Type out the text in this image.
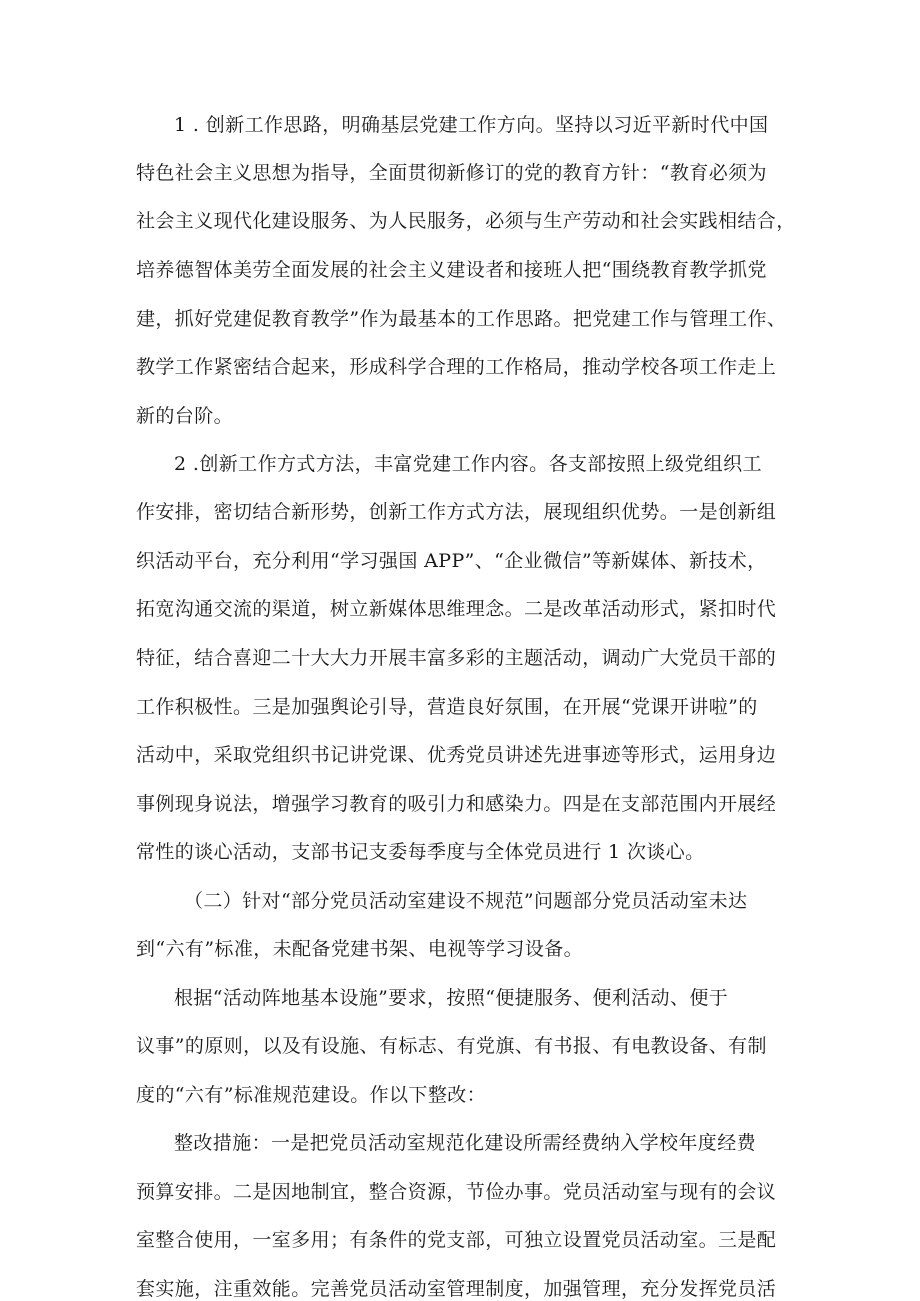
1 . 创新工作思路，明确基层党建工作方向。坚持以习近平新时代中国
特色社会主义思想为指导，全面贯彻新修订的党的教育方针：“教育必须为
社会主义现代化建设服务、为人民服务，必须与生产劳动和社会实践相结合，
培养德智体美劳全面发展的社会主义建设者和接班人把“围绕教育教学抓党
建，抓好党建促教育教学”作为最基本的工作思路。把党建工作与管理工作、
教学工作紧密结合起来，形成科学合理的工作格局，推动学校各项工作走上
新的台阶。
2 .创新工作方式方法，丰富党建工作内容。各支部按照上级党组织工
作安排，密切结合新形势，创新工作方式方法，展现组织优势。一是创新组
织活动平台，充分利用“学习强国 APP”、“企业微信”等新媒体、新技术，
拓宽沟通交流的渠道，树立新媒体思维理念。二是改革活动形式，紧扣时代
特征，结合喜迎二十大大力开展丰富多彩的主题活动，调动广大党员干部的
工作积极性。三是加强舆论引导，营造良好氛围，在开展“党课开讲啦”的
活动中，采取党组织书记讲党课、优秀党员讲述先进事迹等形式，运用身边
事例现身说法，增强学习教育的吸引力和感染力。四是在支部范围内开展经
常性的谈心活动，支部书记支委每季度与全体党员进行 1 次谈心。
（二）针对“部分党员活动室建设不规范”问题部分党员活动室未达
到“六有”标准，未配备党建书架、电视等学习设备。
根据“活动阵地基本设施”要求，按照“便捷服务、便利活动、便于
议事”的原则，以及有设施、有标志、有党旗、有书报、有电教设备、有制
度的“六有”标准规范建设。作以下整改：
整改措施：一是把党员活动室规范化建设所需经费纳入学校年度经费
预算安排。二是因地制宜，整合资源，节俭办事。党员活动室与现有的会议
室整合使用，一室多用；有条件的党支部，可独立设置党员活动室。三是配
套实施，注重效能。完善党员活动室管理制度，加强管理，充分发挥党员活
